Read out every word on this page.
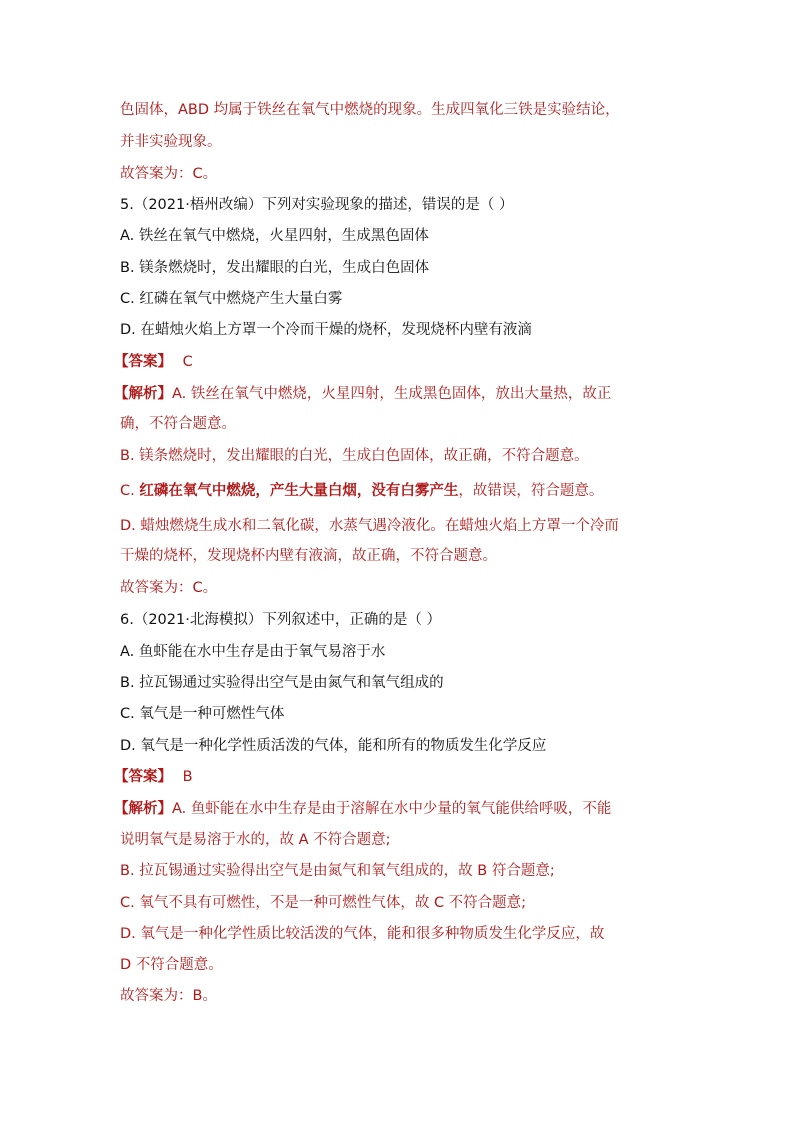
色固体，ABD 均属于铁丝在氧气中燃烧的现象。生成四氧化三铁是实验结论，
并非实验现象。
故答案为：C。
5.（2021·梧州改编）下列对实验现象的描述，错误的是（ ）
A. 铁丝在氧气中燃烧，火星四射，生成黑色固体
B. 镁条燃烧时，发出耀眼的白光，生成白色固体
C. 红磷在氧气中燃烧产生大量白雾
D. 在蜡烛火焰上方罩一个冷而干燥的烧杯，发现烧杯内壁有液滴
【答案】 C
【解析】A. 铁丝在氧气中燃烧，火星四射，生成黑色固体，放出大量热，故正
确，不符合题意。
B. 镁条燃烧时，发出耀眼的白光，生成白色固体，故正确，不符合题意。
C. 红磷在氧气中燃烧，产生大量白烟，没有白雾产生，故错误，符合题意。
D. 蜡烛燃烧生成水和二氧化碳，水蒸气遇冷液化。在蜡烛火焰上方罩一个冷而
干燥的烧杯，发现烧杯内壁有液滴，故正确，不符合题意。
故答案为：C。
6.（2021·北海模拟）下列叙述中，正确的是（ ）
A. 鱼虾能在水中生存是由于氧气易溶于水
B. 拉瓦锡通过实验得出空气是由氮气和氧气组成的
C. 氧气是一种可燃性气体
D. 氧气是一种化学性质活泼的气体，能和所有的物质发生化学反应
【答案】 B
【解析】A. 鱼虾能在水中生存是由于溶解在水中少量的氧气能供给呼吸，不能
说明氧气是易溶于水的，故 A 不符合题意;
B. 拉瓦锡通过实验得出空气是由氮气和氧气组成的，故 B 符合题意;
C. 氧气不具有可燃性，不是一种可燃性气体，故 C 不符合题意;
D. 氧气是一种化学性质比较活泼的气体，能和很多种物质发生化学反应，故
D 不符合题意。
故答案为：B。
